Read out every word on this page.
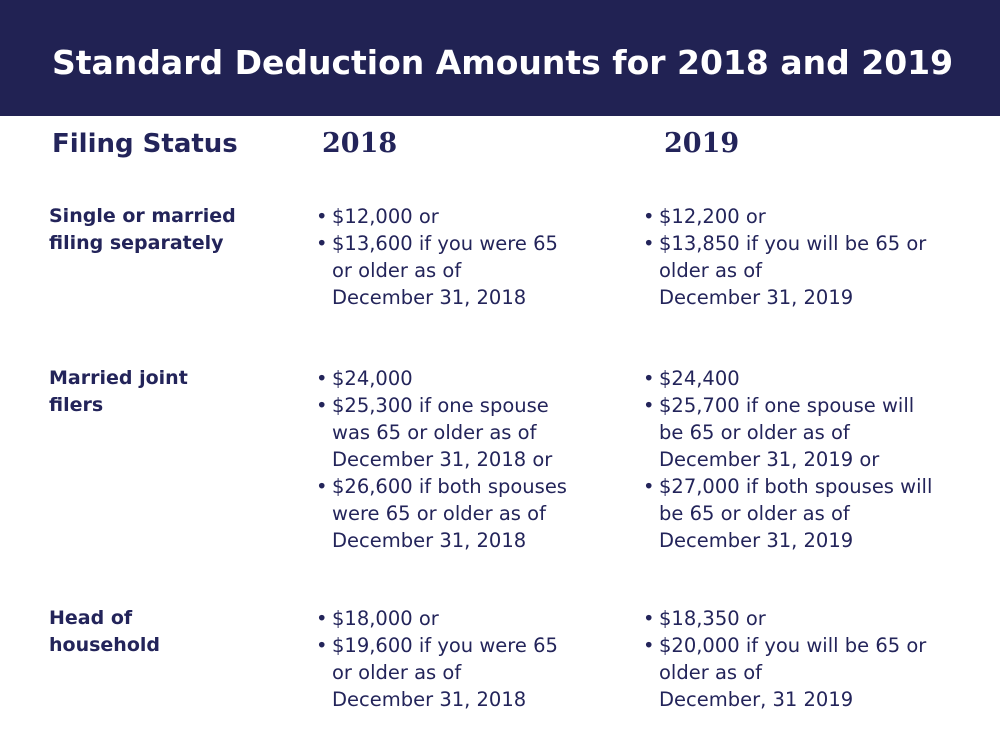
Standard Deduction Amounts for 2018 and 2019
Filing Status	2018	2019
Single or married
filing separately
• $12,000 or
• $13,600 if you were 65
or older as of
December 31, 2018
• $12,200 or
• $13,850 if you will be 65 or
older as of
December 31, 2019
Married joint
filers
• $24,000
• $25,300 if one spouse
was 65 or older as of
December 31, 2018 or
• $26,600 if both spouses
were 65 or older as of
December 31, 2018
• $24,400
• $25,700 if one spouse will
be 65 or older as of
December 31, 2019 or
• $27,000 if both spouses will
be 65 or older as of
December 31, 2019
Head of
household
• $18,000 or
• $19,600 if you were 65
or older as of
December 31, 2018
• $18,350 or
• $20,000 if you will be 65 or
older as of
December, 31 2019
